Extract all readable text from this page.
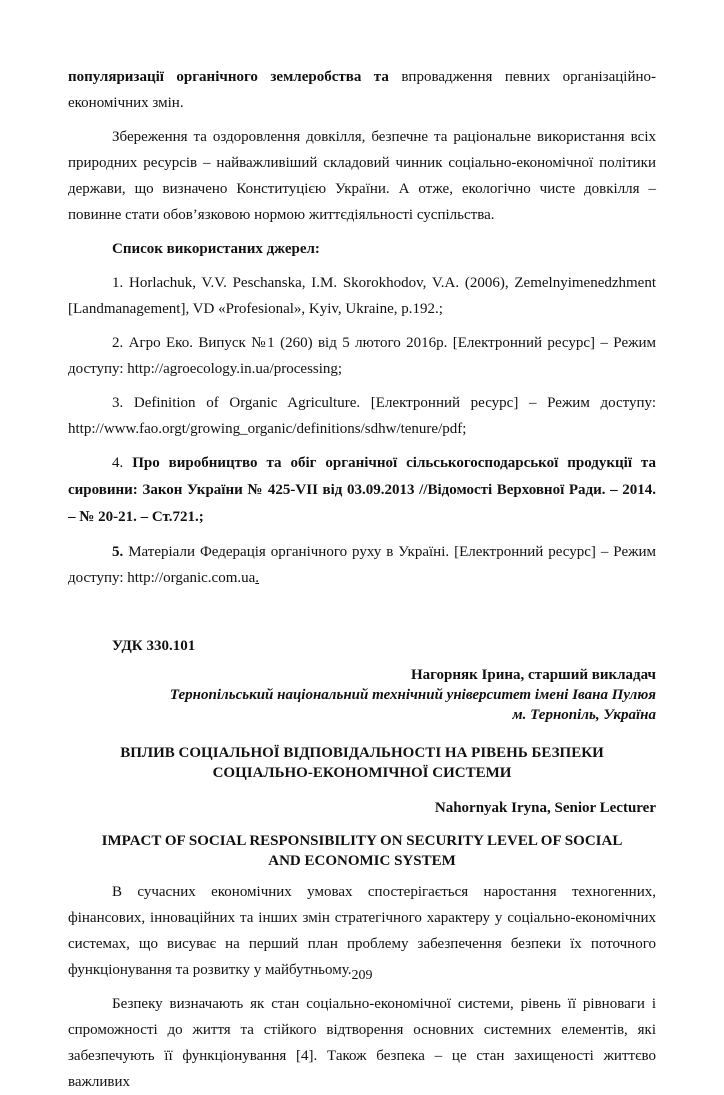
популяризації органічного землеробства та впровадження певних організаційно-економічних змін.

Збереження та оздоровлення довкілля, безпечне та раціональне використання всіх природних ресурсів – найважливіший складовий чинник соціально-економічної політики держави, що визначено Конституцією України. А отже, екологічно чисте довкілля – повинне стати обов’язковою нормою життєдіяльності суспільства.

Список використаних джерел:

1. Horlachuk, V.V. Peschanska, I.M. Skorokhodov, V.A. (2006), Zemelnyimenedzhment [Landmanagement], VD «Profesional», Kyiv, Ukraine, p.192.;

2. Агро Еко. Випуск №1 (260) від 5 лютого 2016р. [Електронний ресурс] – Режим доступу: http://agroecology.in.ua/processing;

3. Definition of Organic Agriculture. [Електронний ресурс] – Режим доступу: http://www.fao.orgt/growing_organic/definitions/sdhw/tenure/pdf;

4. Про виробництво та обіг органічної сільськогосподарської продукції та сировини: Закон України № 425-VII від 03.09.2013 //Відомості Верховної Ради. – 2014. – № 20-21. – Ст.721.;

5. Матеріали Федерація органічного руху в Україні. [Електронний ресурс] – Режим доступу: http://organic.com.ua.

УДК 330.101

Нагорняк Ірина, старший викладач

Тернопільський національний технічний університет імені Івана Пулюя

м. Тернопіль, Україна

ВПЛИВ СОЦІАЛЬНОЇ ВІДПОВІДАЛЬНОСТІ НА РІВЕНЬ БЕЗПЕКИ
СОЦІАЛЬНО-ЕКОНОМІЧНОЇ СИСТЕМИ

Nahornyak Iryna, Senior Lecturer

IMPACT OF SOCIAL RESPONSIBILITY ON SECURITY LEVEL OF SOCIAL
AND ECONOMIC SYSTEM

В сучасних економічних умовах спостерігається наростання техногенних, фінансових, інноваційних та інших змін стратегічного характеру у соціально-економічних системах, що висуває на перший план проблему забезпечення безпеки їх поточного функціонування та розвитку у майбутньому.

Безпеку визначають як стан соціально-економічної системи, рівень її рівноваги і спроможності до життя та стійкого відтворення основних системних елементів, які забезпечують її функціонування [4]. Також безпека – це стан захищеності життєво важливих

209
